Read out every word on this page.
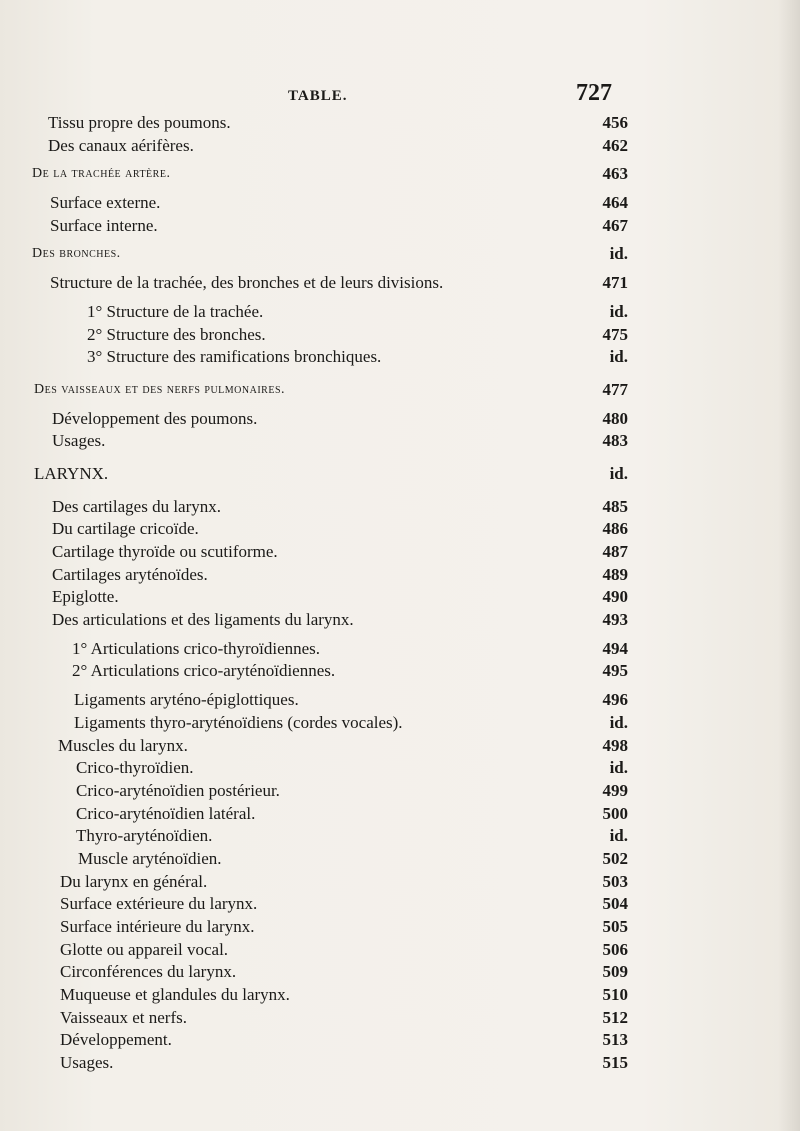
TABLE.	727
Tissu propre des poumons.	456
Des canaux aérifères.	462
De la trachée artère.	463
Surface externe.	464
Surface interne.	467
Des bronches.	id.
Structure de la trachée, des bronches et de leurs divisions.	471
1° Structure de la trachée.	id.
2° Structure des bronches.	475
3° Structure des ramifications bronchiques.	id.
Des vaisseaux et des nerfs pulmonaires.	477
Développement des poumons.	480
Usages.	483
LARYNX.	id.
Des cartilages du larynx.	485
Du cartilage cricoïde.	486
Cartilage thyroïde ou scutiforme.	487
Cartilages aryténoïdes.	489
Epiglotte.	490
Des articulations et des ligaments du larynx.	493
1° Articulations crico-thyroïdiennes.	494
2° Articulations crico-aryténoïdiennes.	495
Ligaments aryténo-épiglottiques.	496
Ligaments thyro-aryténoïdiens (cordes vocales).	id.
Muscles du larynx.	498
Crico-thyroïdien.	id.
Crico-aryténoïdien postérieur.	499
Crico-aryténoïdien latéral.	500
Thyro-aryténoïdien.	id.
Muscle aryténoïdien.	502
Du larynx en général.	503
Surface extérieure du larynx.	504
Surface intérieure du larynx.	505
Glotte ou appareil vocal.	506
Circonférences du larynx.	509
Muqueuse et glandules du larynx.	510
Vaisseaux et nerfs.	512
Développement.	513
Usages.	515
